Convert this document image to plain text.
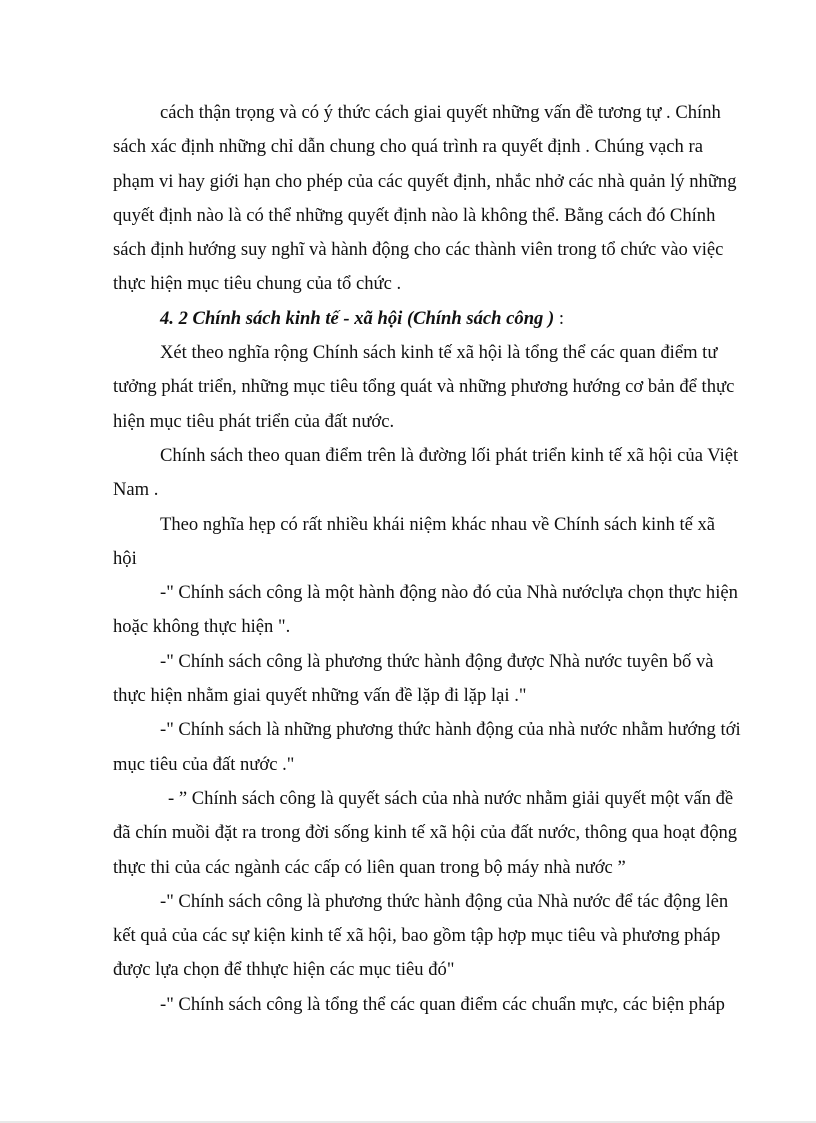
cách thận trọng và có ý thức cách giai quyết những vấn đề tương tự . Chính sách xác định những chỉ dẫn chung cho quá trình ra quyết định . Chúng vạch ra phạm vi hay giới hạn cho phép của các quyết định, nhắc nhở các nhà quản lý những quyết định nào là có thể những quyết định nào là không thể. Bằng cách đó Chính sách định hướng suy nghĩ và hành động cho các thành viên trong tổ chức vào việc thực hiện mục tiêu chung của tổ chức .

4. 2 Chính sách kinh tế - xã hội (Chính sách công ) :

Xét theo nghĩa rộng Chính sách kinh tế xã hội là tổng thể các quan điểm tư tưởng phát triển, những mục tiêu tổng quát và những phương hướng cơ bản để thực hiện mục tiêu phát triển của đất nước.

Chính sách theo quan điểm trên là đường lối phát triển kinh tế xã hội của Việt Nam .

Theo nghĩa hẹp có rất nhiều khái niệm khác nhau về Chính sách kinh tế xã hội

-" Chính sách công là một hành động nào đó của Nhà nướclựa chọn thực hiện hoặc không thực hiện ".

-" Chính sách công là phương thức hành động được Nhà nước tuyên bố và thực hiện nhằm giai quyết những vấn đề lặp đi lặp lại ."

-" Chính sách là những phương thức hành động của nhà nước nhằm hướng tới mục tiêu của đất nước ."

- ” Chính sách công là quyết sách của nhà nước nhằm giải quyết một vấn đề đã chín muồi đặt ra trong đời sống kinh tế xã hội của đất nước, thông qua hoạt động thực thi của các ngành các cấp có liên quan trong bộ máy nhà nước ”

-" Chính sách công là phương thức hành động của Nhà nước để tác động lên kết quả của các sự kiện kinh tế xã hội, bao gồm tập hợp mục tiêu và phương pháp được lựa chọn để thhực hiện các mục tiêu đó"

-" Chính sách công là tổng thể các quan điểm các chuẩn mực, các biện pháp
